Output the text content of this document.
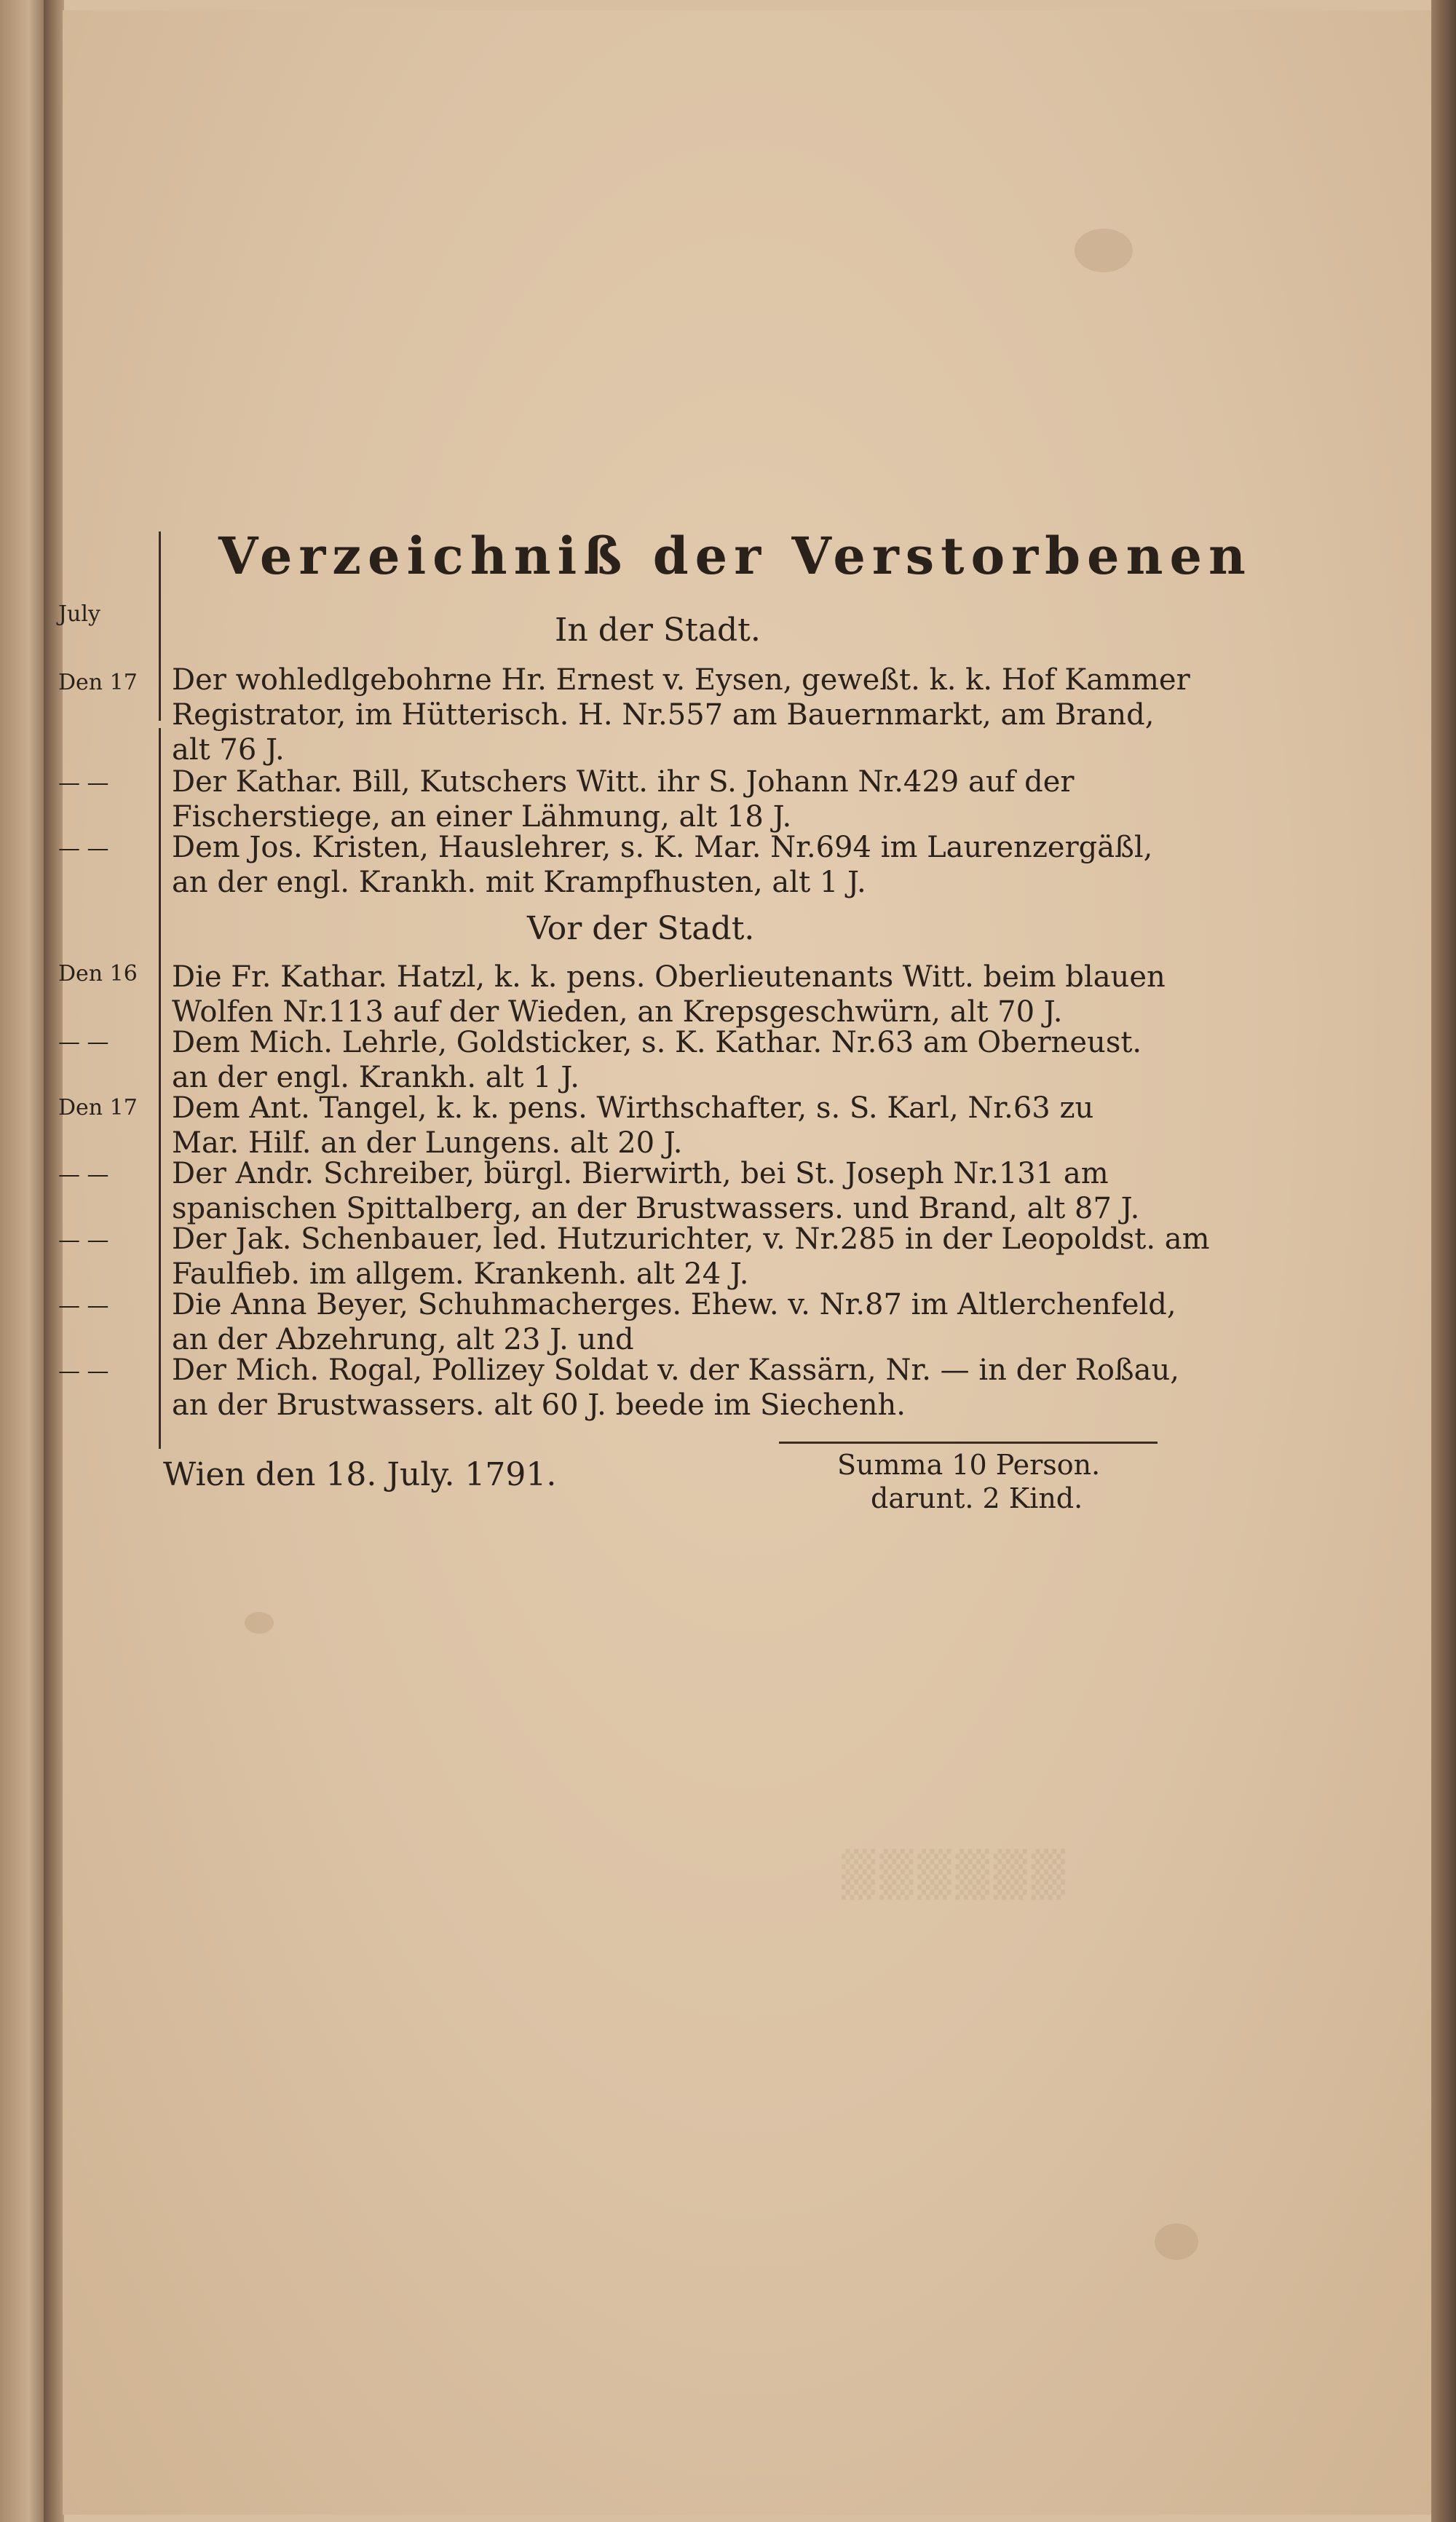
Verzeichniß der Verstorbenen
July	In der Stadt.
Den 17	Der wohledlgebohrne Hr. Ernest v. Eysen, geweßt. k. k. Hof Kammer
Registrator, im Hütterisch. H. Nr.557 am Bauernmarkt, am Brand,
alt 76 J.
— —	Der Kathar. Bill, Kutschers Witt. ihr S. Johann Nr.429 auf der
Fischerstiege, an einer Lähmung, alt 18 J.
— —	Dem Jos. Kristen, Hauslehrer, s. K. Mar. Nr.694 im Laurenzergäßl,
an der engl. Krankh. mit Krampfhusten, alt 1 J.
Vor der Stadt.
Den 16	Die Fr. Kathar. Hatzl, k. k. pens. Oberlieutenants Witt. beim blauen
Wolfen Nr.113 auf der Wieden, an Krepsgeschwürn, alt 70 J.
— —	Dem Mich. Lehrle, Goldsticker, s. K. Kathar. Nr.63 am Oberneust.
an der engl. Krankh. alt 1 J.
Den 17	Dem Ant. Tangel, k. k. pens. Wirthschafter, s. S. Karl, Nr.63 zu
Mar. Hilf. an der Lungens. alt 20 J.
— —	Der Andr. Schreiber, bürgl. Bierwirth, bei St. Joseph Nr.131 am
spanischen Spittalberg, an der Brustwassers. und Brand, alt 87 J.
— —	Der Jak. Schenbauer, led. Hutzurichter, v. Nr.285 in der Leopoldst. am
Faulfieb. im allgem. Krankenh. alt 24 J.
— —	Die Anna Beyer, Schuhmacherges. Ehew. v. Nr.87 im Altlerchenfeld,
an der Abzehrung, alt 23 J. und
— —	Der Mich. Rogal, Pollizey Soldat v. der Kassärn, Nr. — in der Roßau,
an der Brustwassers. alt 60 J. beede im Siechenh.
Wien den 18. July. 1791.	Summa 10 Person.
darunt. 2 Kind.
▒▒▒▒▒▒
